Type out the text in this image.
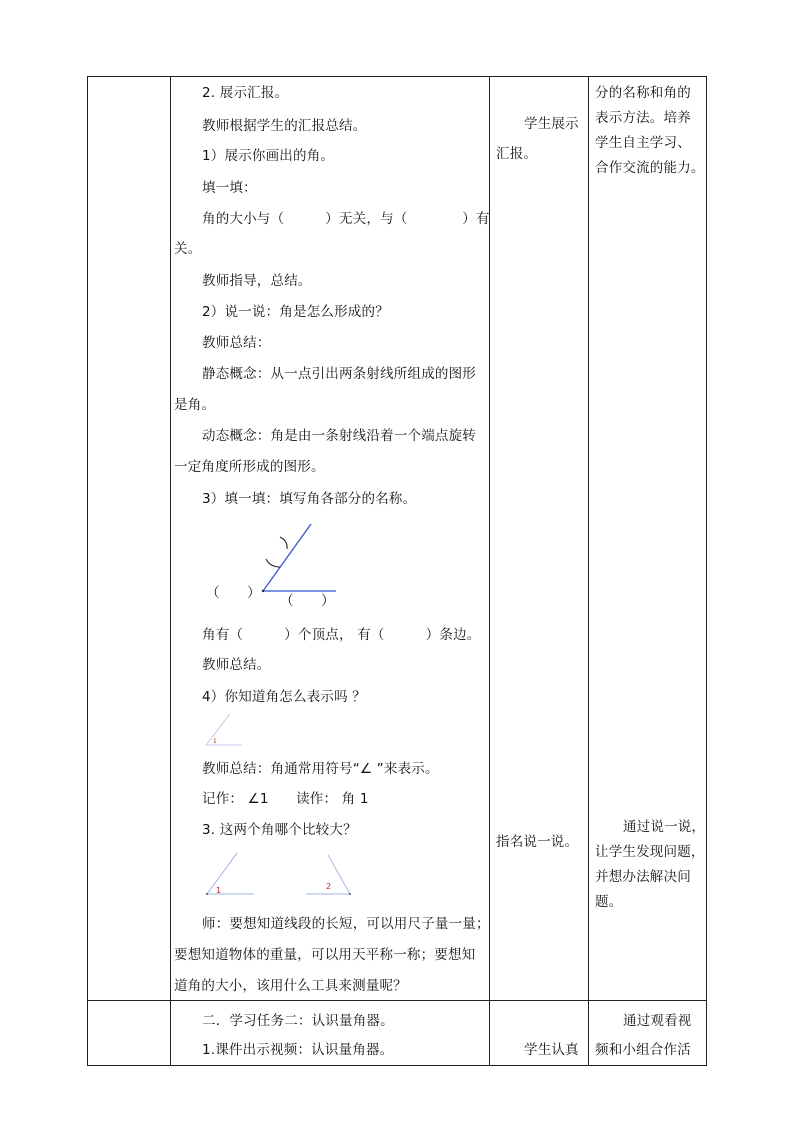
2. 展示汇报。
教师根据学生的汇报总结。
1）展示你画出的角。
填一填：
角的大小与（　　　）无关，与（　　　　）有
关。
教师指导，总结。
2）说一说：角是怎么形成的？
教师总结：
静态概念：从一点引出两条射线所组成的图形
是角。
动态概念：角是由一条射线沿着一个端点旋转
一定角度所形成的图形。
3）填一填：填写角各部分的名称。
（　　） （　　）
角有（　　　）个顶点， 有（　　　）条边。
教师总结。
4）你知道角怎么表示吗 ？
1
教师总结：角通常用符号“∠ ”来表示。
记作： ∠1　　读作： 角 1
3. 这两个角哪个比较大？
1	2
师：要想知道线段的长短，可以用尺子量一量；
要想知道物体的重量，可以用天平称一称；要想知
道角的大小，该用什么工具来测量呢？
二．学习任务二：认识量角器。
1.课件出示视频：认识量角器。
学生展示
汇报。
指名说一说。
学生认真
分的名称和角的
表示方法。培养
学生自主学习、
合作交流的能力。
通过说一说，
让学生发现问题，
并想办法解决问
题。
通过观看视
频和小组合作活
